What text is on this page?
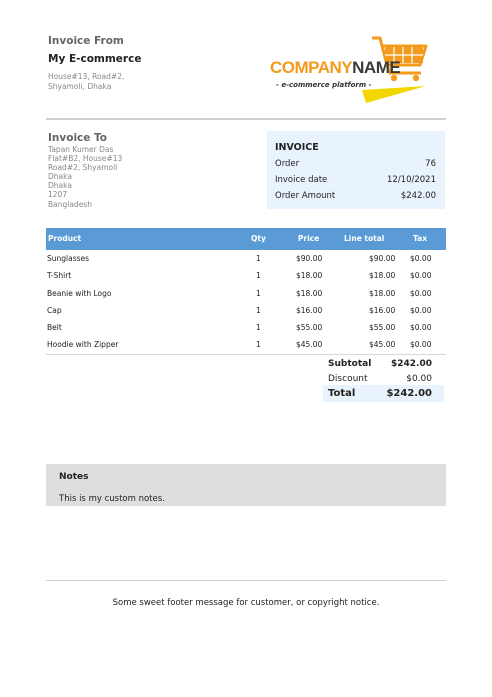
Invoice From
My E-commerce
House#13, Road#2,
Shyamoli, Dhaka
COMPANYNAME
- e-commerce platform -
Invoice To
Tapan Kumer Das
Flat#B2, House#13
Road#2, Shyamoli
Dhaka
Dhaka
1207
Bangladesh
INVOICE
Order	76
Invoice date	12/10/2021
Order Amount	$242.00
Product	Qty	Price	Line total	Tax
Sunglasses	1	$90.00	$90.00 $0.00
T-Shirt	1	$18.00	$18.00 $0.00
Beanie with Logo	1	$18.00	$18.00 $0.00
Cap	1	$16.00	$16.00 $0.00
Belt	1	$55.00	$55.00 $0.00
Hoodie with Zipper	1	$45.00	$45.00 $0.00
Subtotal $242.00
Discount	$0.00
Total	$242.00
Notes
This is my custom notes.
Some sweet footer message for customer, or copyright notice.
